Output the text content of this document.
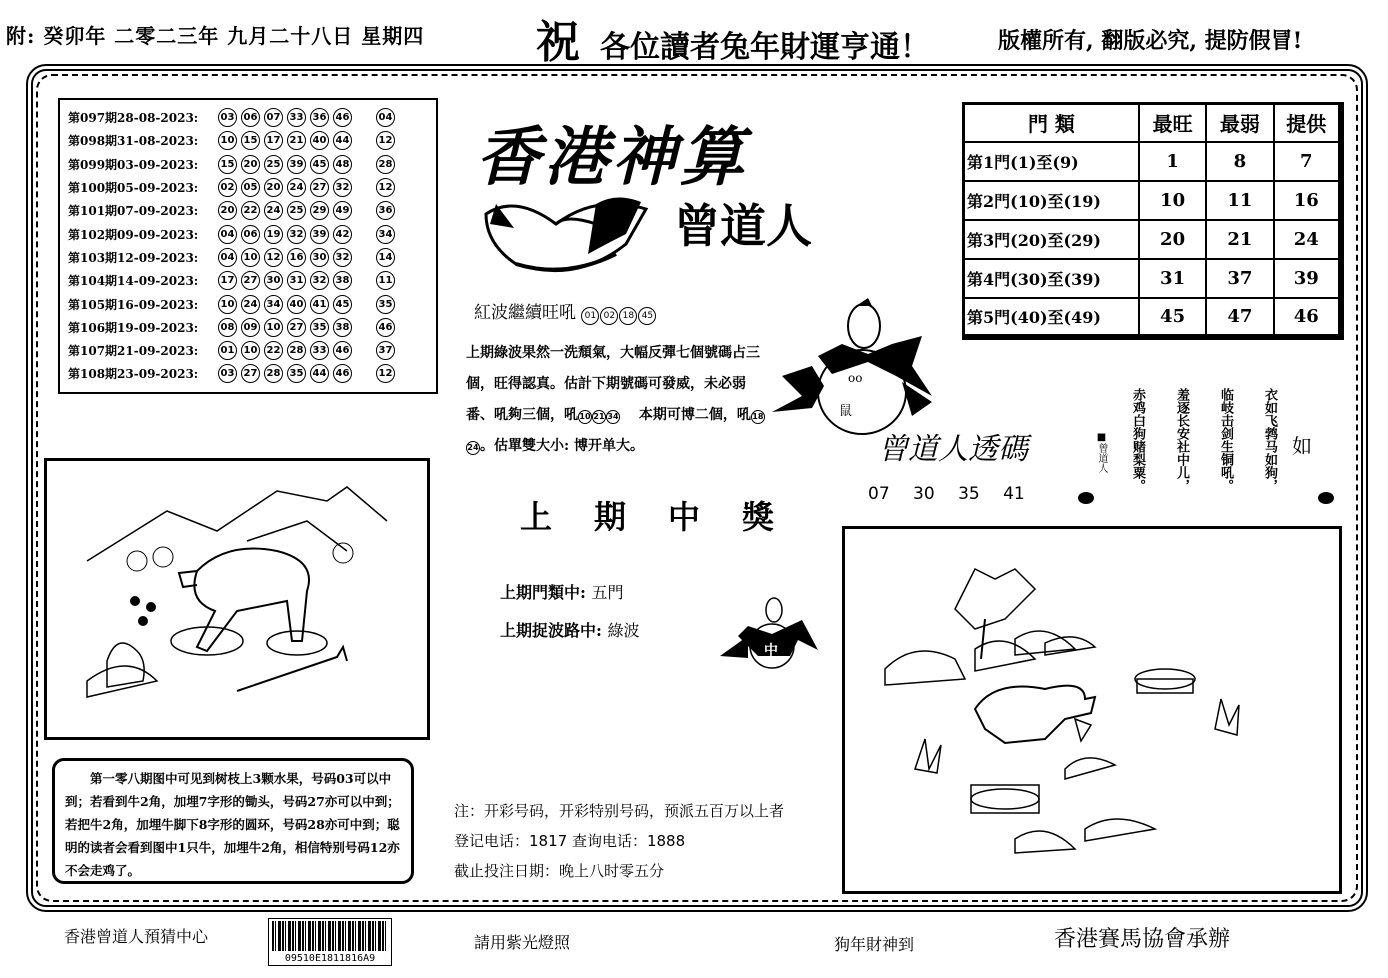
附: 癸卯年 二零二三年 九月二十八日 星期四	祝 各位讀者兔年財運亨通！	版權所有, 翻版必究, 提防假冒!
第097期28-08-2023:	03 06 07 33 36 46	04
第098期31-08-2023:	10 15 17 21 40 44	12
第099期03-09-2023:	15 20 25 39 45 48	28
第100期05-09-2023:	02 05 20 24 27 32	12
第101期07-09-2023:	20 22 24 25 29 49	36
第102期09-09-2023:	04 06 19 32 39 42	34
第103期12-09-2023:	04 10 12 16 30 32	14
第104期14-09-2023:	17 27 30 31 32 38	11
第105期16-09-2023:	10 24 34 40 41 45	35
第106期19-09-2023:	08 09 10 27 35 38	46
第107期21-09-2023:	01 10 22 28 33 46	37
第108期23-09-2023:	03 27 28 35 44 46	12
香港神算
曾道人
紅波繼續旺吼 01 02 18 45
上期綠波果然一洗頹氣，大幅反彈七個號碼占三個，旺得認真。估計下期號碼可發威，未必弱番、吼夠三個，吼10 21 34 本期可博二個，吼1824。估單雙大小: 博开单大。
oo
鼠
門 類	最旺	最弱	提供
第1門(1)至(9)	1	8	7
第2門(10)至(19)	10	11	16
第3門(20)至(29)	20	21	24
第4門(30)至(39)	31	37	39
第5門(40)至(49)	45	47	46
曾道人透碼
07 30 35 41
衣如飞鹁马如狗，
临岐击剑生铜吼。
羞逐长安社中儿，
赤鸡白狗赌梨粟。	如
■曾道人
第一零八期图中可见到树枝上3颗水果，号码03可以中到；若看到牛2角，加埋7字形的锄头，号码27亦可以中到；若把牛2角，加埋牛脚下8字形的圆环，号码28亦可中到；聪明的读者会看到图中1只牛，加埋牛2角，相信特别号码12亦不会走鸡了。
上期中獎
上期門類中: 五門
上期捉波路中: 綠波
中
注：开彩号码，开彩特别号码，预派五百万以上者
登记电话：1817 查询电话：1888
截止投注日期：晚上八时零五分
香港曾道人預猜中心
09510E1811816A9
請用紫光燈照	狗年財神到	香港賽馬協會承辦
